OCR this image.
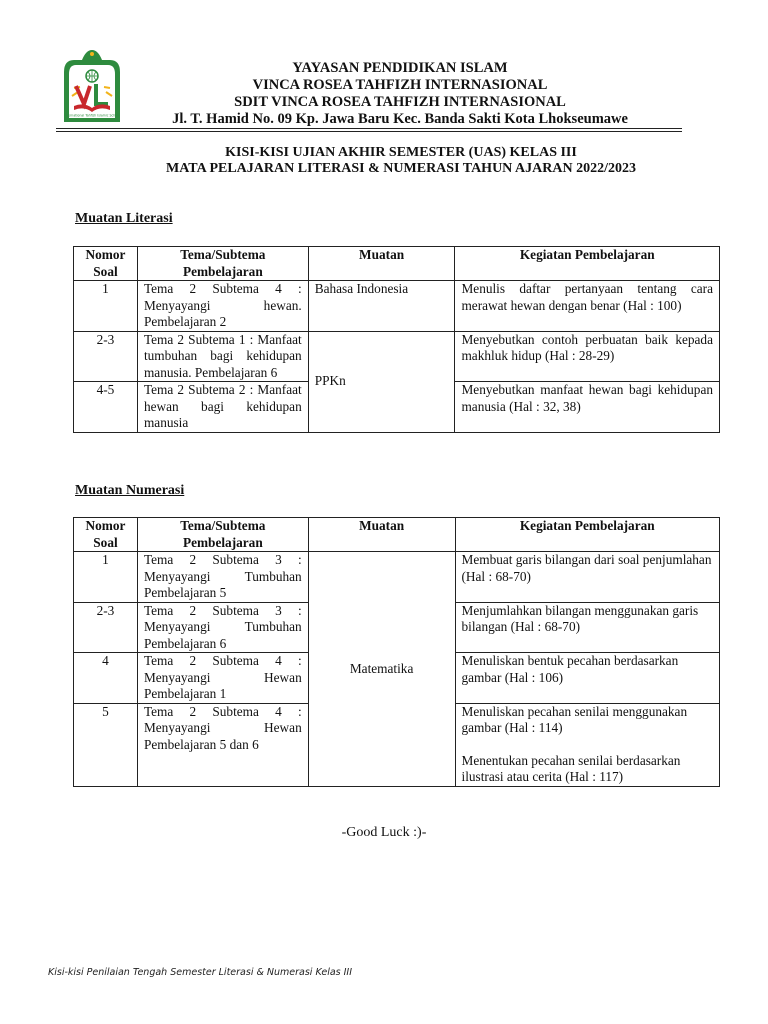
International Tahfizh Islamic School
YAYASAN PENDIDIKAN ISLAM
VINCA ROSEA TAHFIZH INTERNASIONAL
SDIT VINCA ROSEA TAHFIZH INTERNASIONAL
Jl. T. Hamid No. 09 Kp. Jawa Baru Kec. Banda Sakti Kota Lhokseumawe
KISI-KISI UJIAN AKHIR SEMESTER (UAS) KELAS III
MATA PELAJARAN LITERASI & NUMERASI TAHUN AJARAN 2022/2023
Muatan Literasi
Nomor Soal	Tema/Subtema Pembelajaran	Muatan	Kegiatan Pembelajaran
1	Tema 2 Subtema 4 : Menyayangi hewan. Pembelajaran 2	Bahasa Indonesia	Menulis daftar pertanyaan tentang cara merawat hewan dengan benar (Hal : 100)
2-3	Tema 2 Subtema 1 : Manfaat tumbuhan bagi kehidupan manusia. Pembelajaran 6	PPKn	Menyebutkan contoh perbuatan baik kepada makhluk hidup (Hal : 28-29)
4-5	Tema 2 Subtema 2 : Manfaat hewan bagi kehidupan manusia		Menyebutkan manfaat hewan bagi kehidupan manusia (Hal : 32, 38)
Muatan Numerasi
Nomor Soal	Tema/Subtema Pembelajaran	Muatan	Kegiatan Pembelajaran
1	Tema 2 Subtema 3 : Menyayangi Tumbuhan Pembelajaran 5	Matematika	Membuat garis bilangan dari soal penjumlahan (Hal : 68-70)
2-3	Tema 2 Subtema 3 : Menyayangi Tumbuhan Pembelajaran 6		Menjumlahkan bilangan menggunakan garis bilangan (Hal : 68-70)
4	Tema 2 Subtema 4 : Menyayangi Hewan Pembelajaran 1		Menuliskan bentuk pecahan berdasarkan gambar (Hal : 106)
5	Tema 2 Subtema 4 : Menyayangi Hewan Pembelajaran 5 dan 6		Menuliskan pecahan senilai menggunakan gambar (Hal : 114)
Menentukan pecahan senilai berdasarkan ilustrasi atau cerita (Hal : 117)
-Good Luck :)-
Kisi-kisi Penilaian Tengah Semester Literasi & Numerasi Kelas III
